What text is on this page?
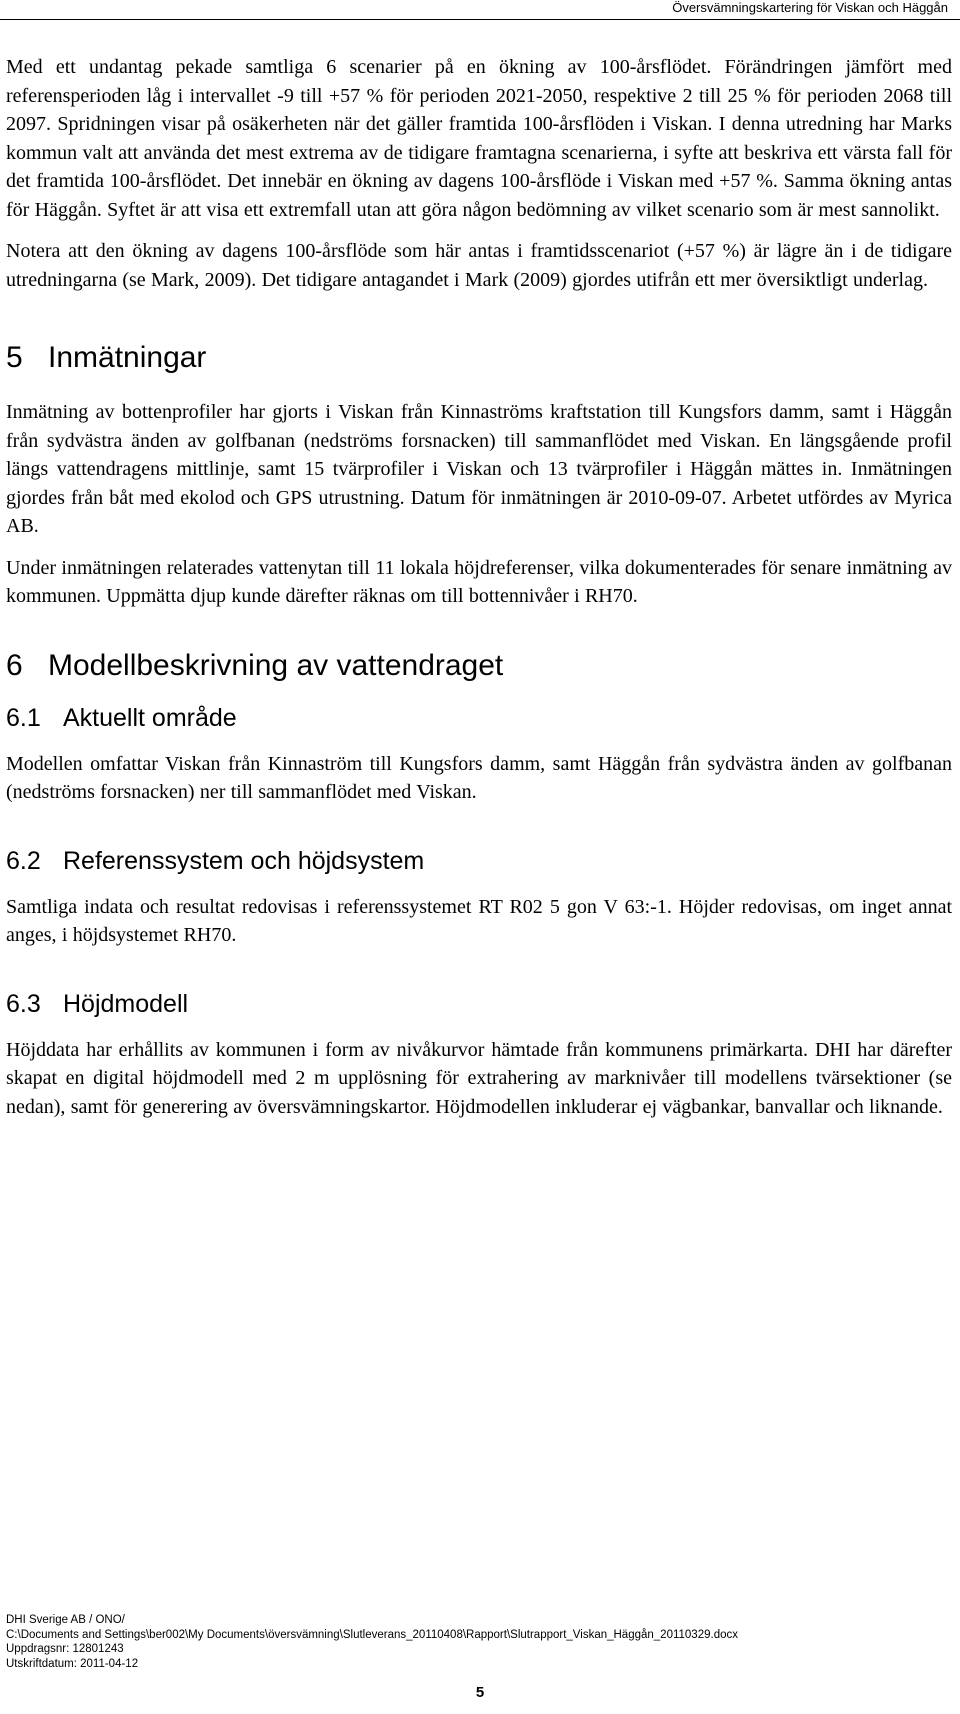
Översvämningskartering för Viskan och Häggån

Med ett undantag pekade samtliga 6 scenarier på en ökning av 100-årsflödet. Förändringen jämfört med referensperioden låg i intervallet -9 till +57 % för perioden 2021-2050, respektive 2 till 25 % för perioden 2068 till 2097. Spridningen visar på osäkerheten när det gäller framtida 100-årsflöden i Viskan. I denna utredning har Marks kommun valt att använda det mest extrema av de tidigare framtagna scenarierna, i syfte att beskriva ett värsta fall för det framtida 100-årsflödet. Det innebär en ökning av dagens 100-årsflöde i Viskan med +57 %. Samma ökning antas för Häggån. Syftet är att visa ett extremfall utan att göra någon bedömning av vilket scenario som är mest sannolikt.

Notera att den ökning av dagens 100-årsflöde som här antas i framtidsscenariot (+57 %) är lägre än i de tidigare utredningarna (se Mark, 2009). Det tidigare antagandet i Mark (2009) gjordes utifrån ett mer översiktligt underlag.

5 Inmätningar

Inmätning av bottenprofiler har gjorts i Viskan från Kinnaströms kraftstation till Kungsfors damm, samt i Häggån från sydvästra änden av golfbanan (nedströms forsnacken) till sammanflödet med Viskan. En längsgående profil längs vattendragens mittlinje, samt 15 tvärprofiler i Viskan och 13 tvärprofiler i Häggån mättes in. Inmätningen gjordes från båt med ekolod och GPS utrustning. Datum för inmätningen är 2010-09-07. Arbetet utfördes av Myrica AB.

Under inmätningen relaterades vattenytan till 11 lokala höjdreferenser, vilka dokumenterades för senare inmätning av kommunen. Uppmätta djup kunde därefter räknas om till bottennivåer i RH70.

6 Modellbeskrivning av vattendraget
6.1 Aktuellt område

Modellen omfattar Viskan från Kinnaström till Kungsfors damm, samt Häggån från sydvästra änden av golfbanan (nedströms forsnacken) ner till sammanflödet med Viskan.

6.2 Referenssystem och höjdsystem

Samtliga indata och resultat redovisas i referenssystemet RT R02 5 gon V 63:-1. Höjder redovisas, om inget annat anges, i höjdsystemet RH70.

6.3 Höjdmodell

Höjddata har erhållits av kommunen i form av nivåkurvor hämtade från kommunens primärkarta. DHI har därefter skapat en digital höjdmodell med 2 m upplösning för extrahering av marknivåer till modellens tvärsektioner (se nedan), samt för generering av översvämningskartor. Höjdmodellen inkluderar ej vägbankar, banvallar och liknande.

DHI Sverige AB / ONO/
C:\Documents and Settings\ber002\My Documents\översvämning\Slutleverans_20110408\Rapport\Slutrapport_Viskan_Häggån_20110329.docx
Uppdragsnr: 12801243
Utskriftdatum: 2011-04-12
5
